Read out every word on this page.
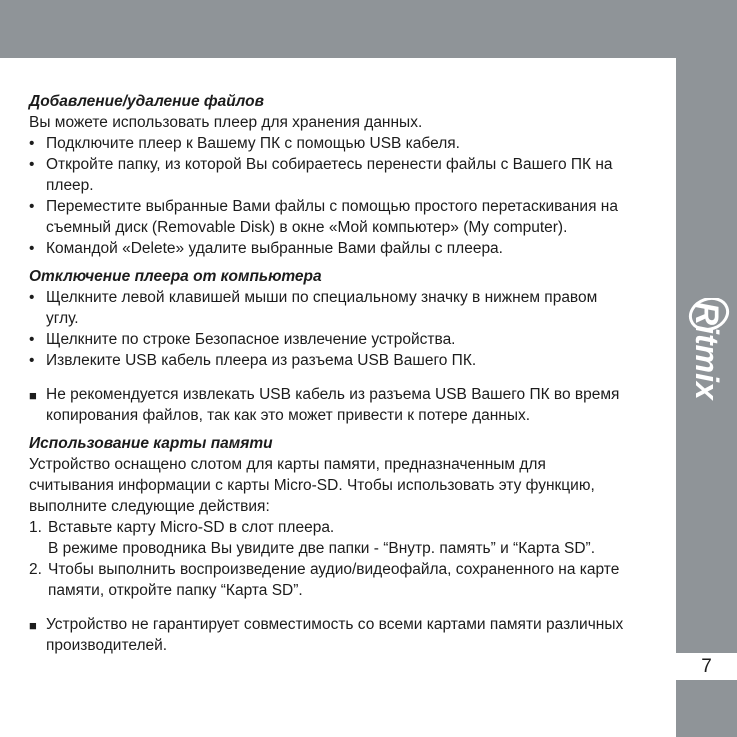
Добавление/удаление файлов
Вы можете использовать плеер для хранения данных.
• Подключите плеер к Вашему ПК с помощью USB кабеля.
• Откройте папку, из которой Вы собираетесь перенести файлы с Вашего ПК на
плеер.
• Переместите выбранные Вами файлы с помощью простого перетаскивания на
съемный диск (Removable Disk) в окне «Мой компьютер» (My computer).
• Командой «Delete» удалите выбранные Вами файлы с плеера.
Отключение плеера от компьютера
• Щелкните левой клавишей мыши по специальному значку в нижнем правом
углу.
• Щелкните по строке Безопасное извлечение устройства.
• Извлеките USB кабель плеера из разъема USB Вашего ПК.
■ Не рекомендуется извлекать USB кабель из разъема USB Вашего ПК во время
копирования файлов, так как это может привести к потере данных.
Использование карты памяти
Устройство оснащено слотом для карты памяти, предназначенным для
считывания информации с карты Micro-SD. Чтобы использовать эту функцию,
выполните следующие действия:
1. Вставьте карту Micro-SD в слот плеера.
В режиме проводника Вы увидите две папки - “Внутр. память” и “Карта SD”.
2. Чтобы выполнить воспроизведение аудио/видеофайла, сохраненного на карте
памяти, откройте папку “Карта SD”.
■ Устройство не гарантирует совместимость со всеми картами памяти различных
производителей.
Ritmix
7
